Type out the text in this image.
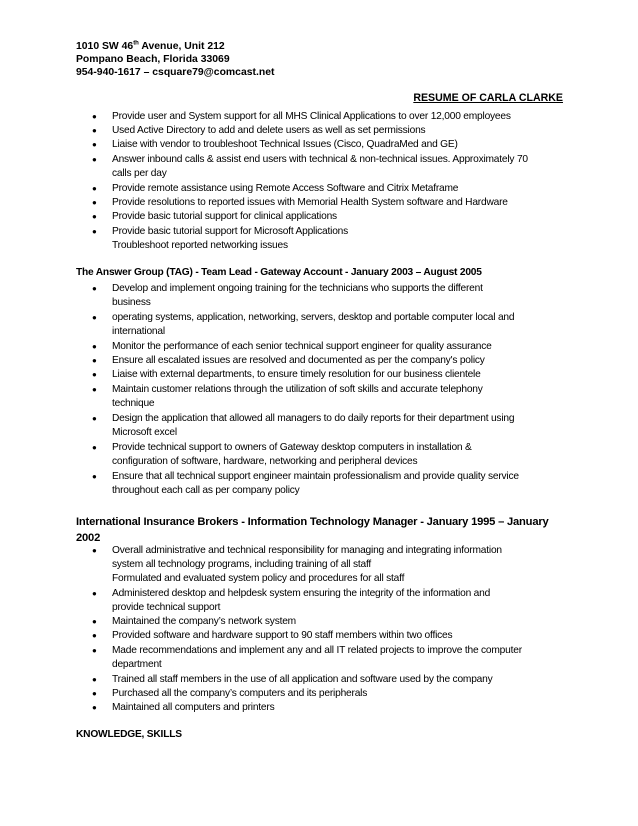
1010 SW 46th Avenue, Unit 212
Pompano Beach, Florida 33069
954-940-1617 – csquare79@comcast.net
RESUME OF CARLA CLARKE
● Provide user and System support for all MHS Clinical Applications to over 12,000 employees
● Used Active Directory to add and delete users as well as set permissions
● Liaise with vendor to troubleshoot Technical Issues (Cisco, QuadraMed and GE)
● Answer inbound calls & assist end users with technical & non-technical issues. Approximately 70
calls per day
● Provide remote assistance using Remote Access Software and Citrix Metaframe
● Provide resolutions to reported issues with Memorial Health System software and Hardware
● Provide basic tutorial support for clinical applications
● Provide basic tutorial support for Microsoft Applications
Troubleshoot reported networking issues
The Answer Group (TAG) - Team Lead - Gateway Account - January 2003 – August 2005
● Develop and implement ongoing training for the technicians who supports the different
business
● operating systems, application, networking, servers, desktop and portable computer local and
international
● Monitor the performance of each senior technical support engineer for quality assurance
● Ensure all escalated issues are resolved and documented as per the company's policy
● Liaise with external departments, to ensure timely resolution for our business clientele
● Maintain customer relations through the utilization of soft skills and accurate telephony
technique
● Design the application that allowed all managers to do daily reports for their department using
Microsoft excel
● Provide technical support to owners of Gateway desktop computers in installation &
configuration of software, hardware, networking and peripheral devices
● Ensure that all technical support engineer maintain professionalism and provide quality service
throughout each call as per company policy
International Insurance Brokers - Information Technology Manager - January 1995 – January
2002
● Overall administrative and technical responsibility for managing and integrating information
system all technology programs, including training of all staff
Formulated and evaluated system policy and procedures for all staff
● Administered desktop and helpdesk system ensuring the integrity of the information and
provide technical support
● Maintained the company’s network system
● Provided software and hardware support to 90 staff members within two offices
● Made recommendations and implement any and all IT related projects to improve the computer
department
● Trained all staff members in the use of all application and software used by the company
● Purchased all the company’s computers and its peripherals
● Maintained all computers and printers
KNOWLEDGE, SKILLS
